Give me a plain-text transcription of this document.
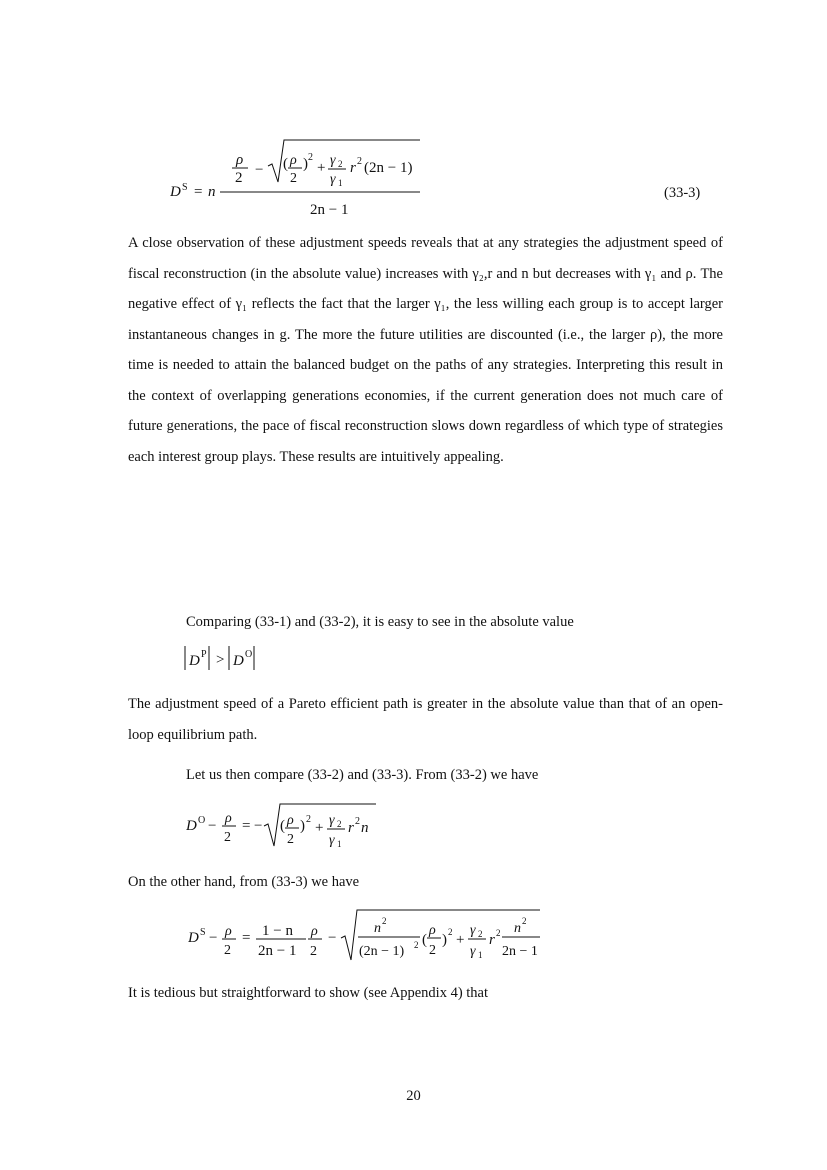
ρ
2 − ( ρ
2
) 2
+ γ 2
γ 1
r 2 (2n − 1)
D S = n
2n − 1
(33-3)

A close observation of these adjustment speeds reveals that at any strategies the adjustment speed of fiscal reconstruction (in the absolute value) increases with γ₂,r and n but decreases with γ₁ and ρ. The negative effect of γ₁ reflects the fact that the larger γ₁, the less willing each group is to accept larger instantaneous changes in g. The more the future utilities are discounted (i.e., the larger ρ), the more time is needed to attain the balanced budget on the paths of any strategies. Interpreting this result in the context of overlapping generations economies, if the current generation does not much care of future generations, the pace of fiscal reconstruction slows down regardless of which type of strategies each interest group plays. These results are intuitively appealing.

Comparing (33-1) and (33-2), it is easy to see in the absolute value

D P > D O

The adjustment speed of a Pareto efficient path is greater in the absolute value than that of an open-loop equilibrium path.

Let us then compare (33-2) and (33-3). From (33-2) we have

D O − ρ
2
= − ( ρ
2
) 2
+ γ 2
γ 1
r 2 n

On the other hand, from (33-3) we have

D S − ρ
2
= 1 − n
2n − 1
ρ
2
−
n 2
(2n − 1) 2 (
ρ
2
) 2 +
γ 2
γ 1
r 2 n 2
2n − 1

It is tedious but straightforward to show (see Appendix 4) that

20
